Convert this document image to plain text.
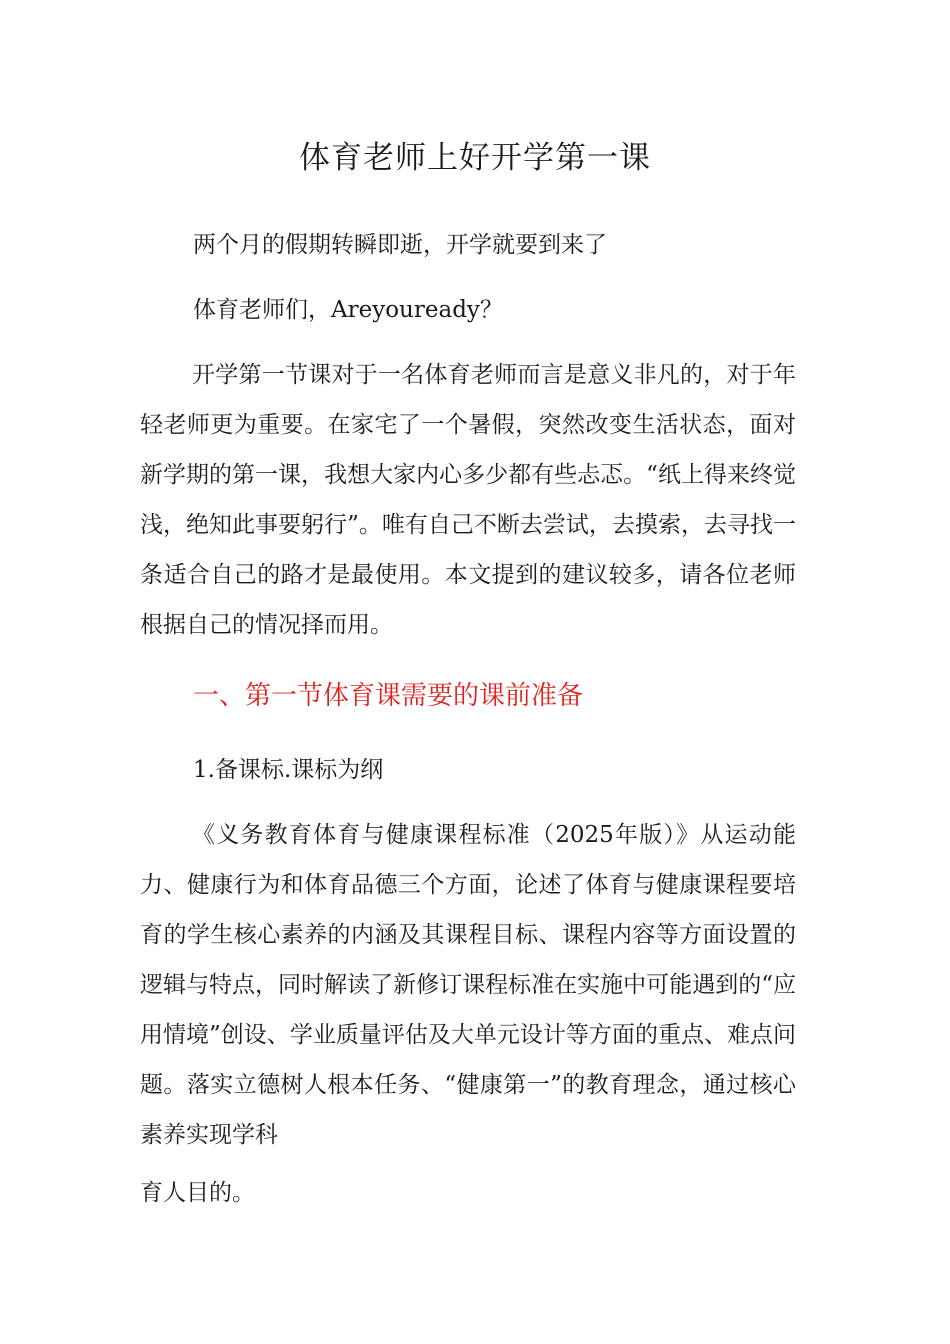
体育老师上好开学第一课
两个月的假期转瞬即逝，开学就要到来了
体育老师们，Areyouready？
开学第一节课对于一名体育老师而言是意义非凡的，对于年轻老师更为重要。在家宅了一个暑假，突然改变生活状态，面对新学期的第一课，我想大家内心多少都有些忐忑。“纸上得来终觉浅，绝知此事要躬行”。唯有自己不断去尝试，去摸索，去寻找一条适合自己的路才是最使用。本文提到的建议较多，请各位老师根据自己的情况择而用。
一、第一节体育课需要的课前准备
1.备课标.课标为纲
《义务教育体育与健康课程标准（2025年版）》从运动能力、健康行为和体育品德三个方面，论述了体育与健康课程要培育的学生核心素养的内涵及其课程目标、课程内容等方面设置的逻辑与特点，同时解读了新修订课程标准在实施中可能遇到的“应用情境”创设、学业质量评估及大单元设计等方面的重点、难点问题。落实立德树人根本任务、“健康第一”的教育理念，通过核心素养实现学科
育人目的。
